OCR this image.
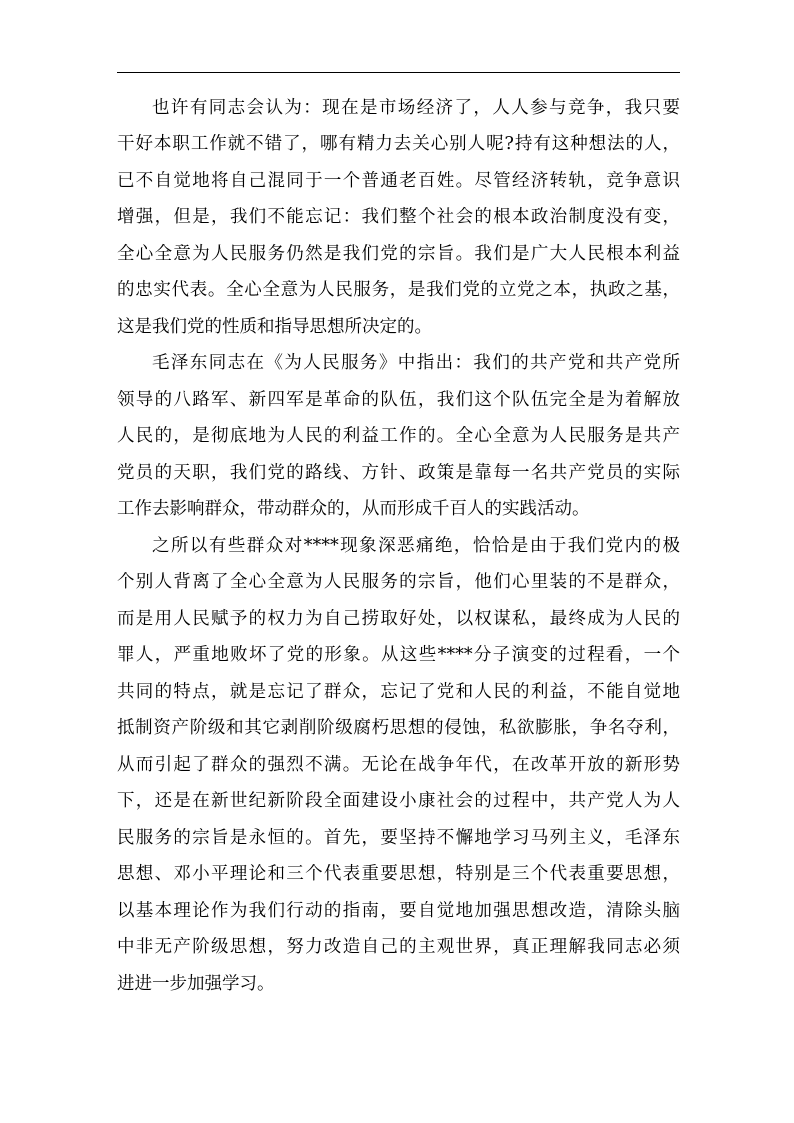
也许有同志会认为：现在是市场经济了，人人参与竞争，我只要
干好本职工作就不错了，哪有精力去关心别人呢?持有这种想法的人，
已不自觉地将自己混同于一个普通老百姓。尽管经济转轨，竞争意识
增强，但是，我们不能忘记：我们整个社会的根本政治制度没有变，
全心全意为人民服务仍然是我们党的宗旨。我们是广大人民根本利益
的忠实代表。全心全意为人民服务，是我们党的立党之本，执政之基，
这是我们党的性质和指导思想所决定的。
毛泽东同志在《为人民服务》中指出：我们的共产党和共产党所
领导的八路军、新四军是革命的队伍，我们这个队伍完全是为着解放
人民的，是彻底地为人民的利益工作的。全心全意为人民服务是共产
党员的天职，我们党的路线、方针、政策是靠每一名共产党员的实际
工作去影响群众，带动群众的，从而形成千百人的实践活动。
之所以有些群众对****现象深恶痛绝，恰恰是由于我们党内的极
个别人背离了全心全意为人民服务的宗旨，他们心里装的不是群众，
而是用人民赋予的权力为自己捞取好处，以权谋私，最终成为人民的
罪人，严重地败坏了党的形象。从这些****分子演变的过程看，一个
共同的特点，就是忘记了群众，忘记了党和人民的利益，不能自觉地
抵制资产阶级和其它剥削阶级腐朽思想的侵蚀，私欲膨胀，争名夺利，
从而引起了群众的强烈不满。无论在战争年代，在改革开放的新形势
下，还是在新世纪新阶段全面建设小康社会的过程中，共产党人为人
民服务的宗旨是永恒的。首先，要坚持不懈地学习马列主义，毛泽东
思想、邓小平理论和三个代表重要思想，特别是三个代表重要思想，
以基本理论作为我们行动的指南，要自觉地加强思想改造，清除头脑
中非无产阶级思想，努力改造自己的主观世界，真正理解我同志必须
进进一步加强学习。
